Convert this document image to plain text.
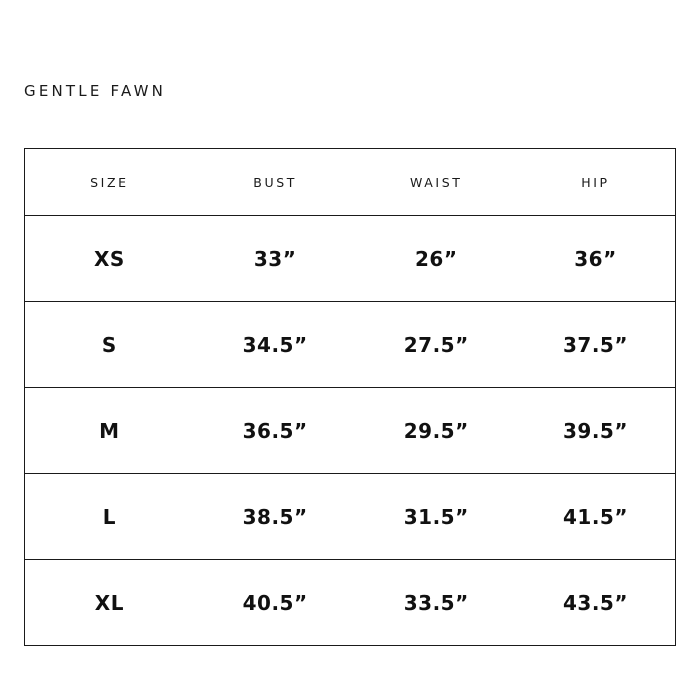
GENTLE FAWN
SIZE	BUST	WAIST	HIP
XS	33”	26”	36”
S	34.5”	27.5”	37.5”
M	36.5”	29.5”	39.5”
L	38.5”	31.5”	41.5”
XL	40.5”	33.5”	43.5”
